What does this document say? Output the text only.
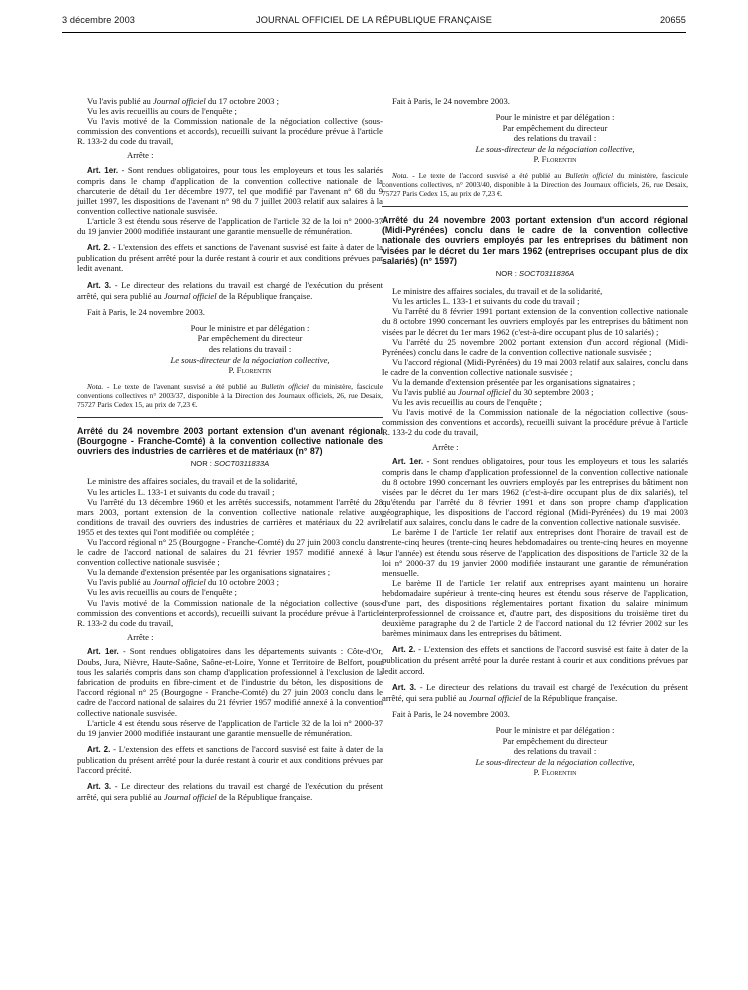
3 décembre 2003	JOURNAL OFFICIEL DE LA RÉPUBLIQUE FRANÇAISE	20655

Vu l'avis publié au Journal officiel du 17 octobre 2003 ;

Vu les avis recueillis au cours de l'enquête ;

Vu l'avis motivé de la Commission nationale de la négociation collective (sous-commission des conventions et accords), recueilli suivant la procédure prévue à l'article R. 133-2 du code du travail,

Arrête :

Art. 1er. - Sont rendues obligatoires, pour tous les employeurs et tous les salariés compris dans le champ d'application de la convention collective nationale de la charcuterie de détail du 1er décembre 1977, tel que modifié par l'avenant n° 68 du 9 juillet 1997, les dispositions de l'avenant n° 98 du 7 juillet 2003 relatif aux salaires à la convention collective nationale susvisée.

L'article 3 est étendu sous réserve de l'application de l'article 32 de la loi n° 2000-37 du 19 janvier 2000 modifiée instaurant une garantie mensuelle de rémunération.

Art. 2. - L'extension des effets et sanctions de l'avenant susvisé est faite à dater de la publication du présent arrêté pour la durée restant à courir et aux conditions prévues par ledit avenant.

Art. 3. - Le directeur des relations du travail est chargé de l'exécution du présent arrêté, qui sera publié au Journal officiel de la République française.

Fait à Paris, le 24 novembre 2003.

Pour le ministre et par délégation :
Par empêchement du directeur
des relations du travail :
Le sous-directeur de la négociation collective,
P. Florentin

Nota. - Le texte de l'avenant susvisé a été publié au Bulletin officiel du ministère, fascicule conventions collectives n° 2003/37, disponible à la Direction des Journaux officiels, 26, rue Desaix, 75727 Paris Cedex 15, au prix de 7,23 €.

Arrêté du 24 novembre 2003 portant extension d'un avenant régional (Bourgogne - Franche-Comté) à la convention collective nationale des ouvriers des industries de carrières et de matériaux (n° 87)

NOR : SOCT0311833A

Le ministre des affaires sociales, du travail et de la solidarité,

Vu les articles L. 133-1 et suivants du code du travail ;

Vu l'arrêté du 13 décembre 1960 et les arrêtés successifs, notamment l'arrêté du 28 mars 2003, portant extension de la convention collective nationale relative aux conditions de travail des ouvriers des industries de carrières et matériaux du 22 avril 1955 et des textes qui l'ont modifiée ou complétée ;

Vu l'accord régional n° 25 (Bourgogne - Franche-Comté) du 27 juin 2003 conclu dans le cadre de l'accord national de salaires du 21 février 1957 modifié annexé à la convention collective nationale susvisée ;

Vu la demande d'extension présentée par les organisations signataires ;

Vu l'avis publié au Journal officiel du 10 octobre 2003 ;

Vu les avis recueillis au cours de l'enquête ;

Vu l'avis motivé de la Commission nationale de la négociation collective (sous-commission des conventions et accords), recueilli suivant la procédure prévue à l'article R. 133-2 du code du travail,

Arrête :

Art. 1er. - Sont rendues obligatoires dans les départements suivants : Côte-d'Or, Doubs, Jura, Nièvre, Haute-Saône, Saône-et-Loire, Yonne et Territoire de Belfort, pour tous les salariés compris dans son champ d'application professionnel à l'exclusion de la fabrication de produits en fibre-ciment et de l'industrie du béton, les dispositions de l'accord régional n° 25 (Bourgogne - Franche-Comté) du 27 juin 2003 conclu dans le cadre de l'accord national de salaires du 21 février 1957 modifié annexé à la convention collective nationale susvisée.

L'article 4 est étendu sous réserve de l'application de l'article 32 de la loi n° 2000-37 du 19 janvier 2000 modifiée instaurant une garantie mensuelle de rémunération.

Art. 2. - L'extension des effets et sanctions de l'accord susvisé est faite à dater de la publication du présent arrêté pour la durée restant à courir et aux conditions prévues par l'accord précité.

Art. 3. - Le directeur des relations du travail est chargé de l'exécution du présent arrêté, qui sera publié au Journal officiel de la République française.

Fait à Paris, le 24 novembre 2003.

Pour le ministre et par délégation :
Par empêchement du directeur
des relations du travail :
Le sous-directeur de la négociation collective,
P. Florentin

Nota. - Le texte de l'accord susvisé a été publié au Bulletin officiel du ministère, fascicule conventions collectives, n° 2003/40, disponible à la Direction des Journaux officiels, 26, rue Desaix, 75727 Paris Cedex 15, au prix de 7,23 €.

Arrêté du 24 novembre 2003 portant extension d'un accord régional (Midi-Pyrénées) conclu dans le cadre de la convention collective nationale des ouvriers employés par les entreprises du bâtiment non visées par le décret du 1er mars 1962 (entreprises occupant plus de dix salariés) (n° 1597)

NOR : SOCT0311836A

Le ministre des affaires sociales, du travail et de la solidarité,

Vu les articles L. 133-1 et suivants du code du travail ;

Vu l'arrêté du 8 février 1991 portant extension de la convention collective nationale du 8 octobre 1990 concernant les ouvriers employés par les entreprises du bâtiment non visées par le décret du 1er mars 1962 (c'est-à-dire occupant plus de 10 salariés) ;

Vu l'arrêté du 25 novembre 2002 portant extension d'un accord régional (Midi-Pyrénées) conclu dans le cadre de la convention collective nationale susvisée ;

Vu l'accord régional (Midi-Pyrénées) du 19 mai 2003 relatif aux salaires, conclu dans le cadre de la convention collective nationale susvisée ;

Vu la demande d'extension présentée par les organisations signataires ;

Vu l'avis publié au Journal officiel du 30 septembre 2003 ;

Vu les avis recueillis au cours de l'enquête ;

Vu l'avis motivé de la Commission nationale de la négociation collective (sous-commission des conventions et accords), recueilli suivant la procédure prévue à l'article R. 133-2 du code du travail,

Arrête :

Art. 1er. - Sont rendues obligatoires, pour tous les employeurs et tous les salariés compris dans le champ d'application professionnel de la convention collective nationale du 8 octobre 1990 concernant les ouvriers employés par les entreprises du bâtiment non visées par le décret du 1er mars 1962 (c'est-à-dire occupant plus de dix salariés), tel qu'étendu par l'arrêté du 8 février 1991 et dans son propre champ d'application géographique, les dispositions de l'accord régional (Midi-Pyrénées) du 19 mai 2003 relatif aux salaires, conclu dans le cadre de la convention collective nationale susvisée.

Le barème I de l'article 1er relatif aux entreprises dont l'horaire de travail est de trente-cinq heures (trente-cinq heures hebdomadaires ou trente-cinq heures en moyenne sur l'année) est étendu sous réserve de l'application des dispositions de l'article 32 de la loi n° 2000-37 du 19 janvier 2000 modifiée instaurant une garantie de rémunération mensuelle.

Le barème II de l'article 1er relatif aux entreprises ayant maintenu un horaire hebdomadaire supérieur à trente-cinq heures est étendu sous réserve de l'application, d'une part, des dispositions réglementaires portant fixation du salaire minimum interprofessionnel de croissance et, d'autre part, des dispositions du troisième tiret du deuxième paragraphe du 2 de l'article 2 de l'accord national du 12 février 2002 sur les barèmes minimaux dans les entreprises du bâtiment.

Art. 2. - L'extension des effets et sanctions de l'accord susvisé est faite à dater de la publication du présent arrêté pour la durée restant à courir et aux conditions prévues par ledit accord.

Art. 3. - Le directeur des relations du travail est chargé de l'exécution du présent arrêté, qui sera publié au Journal officiel de la République française.

Fait à Paris, le 24 novembre 2003.

Pour le ministre et par délégation :
Par empêchement du directeur
des relations du travail :
Le sous-directeur de la négociation collective,
P. Florentin
